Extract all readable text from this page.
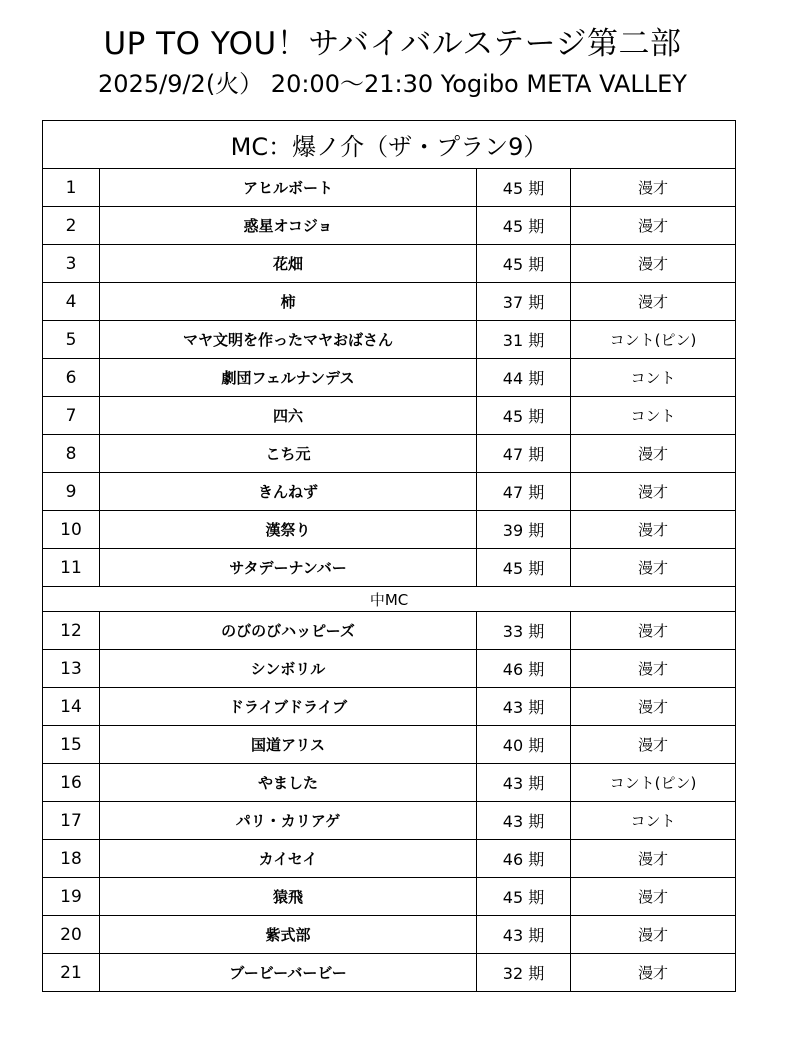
UP TO YOU！サバイバルステージ第二部
2025/9/2(火） 20:00～21:30 Yogibo META VALLEY
MC：爆ノ介（ザ・プラン9）			
1	アヒルボート	45 期	漫才
2	惑星オコジョ	45 期	漫才
3	花畑	45 期	漫才
4	柿	37 期	漫才
5	マヤ文明を作ったマヤおばさん	31 期	コント(ピン)
6	劇団フェルナンデス	44 期	コント
7	四六	45 期	コント
8	こち元	47 期	漫才
9	きんねず	47 期	漫才
10	漢祭り	39 期	漫才
11	サタデーナンバー	45 期	漫才
中MC			
12	のびのびハッピーズ	33 期	漫才
13	シンボリル	46 期	漫才
14	ドライブドライブ	43 期	漫才
15	国道アリス	40 期	漫才
16	やました	43 期	コント(ピン)
17	パリ・カリアゲ	43 期	コント
18	カイセイ	46 期	漫才
19	猿飛	45 期	漫才
20	紫式部	43 期	漫才
21	ブービーバービー	32 期	漫才
